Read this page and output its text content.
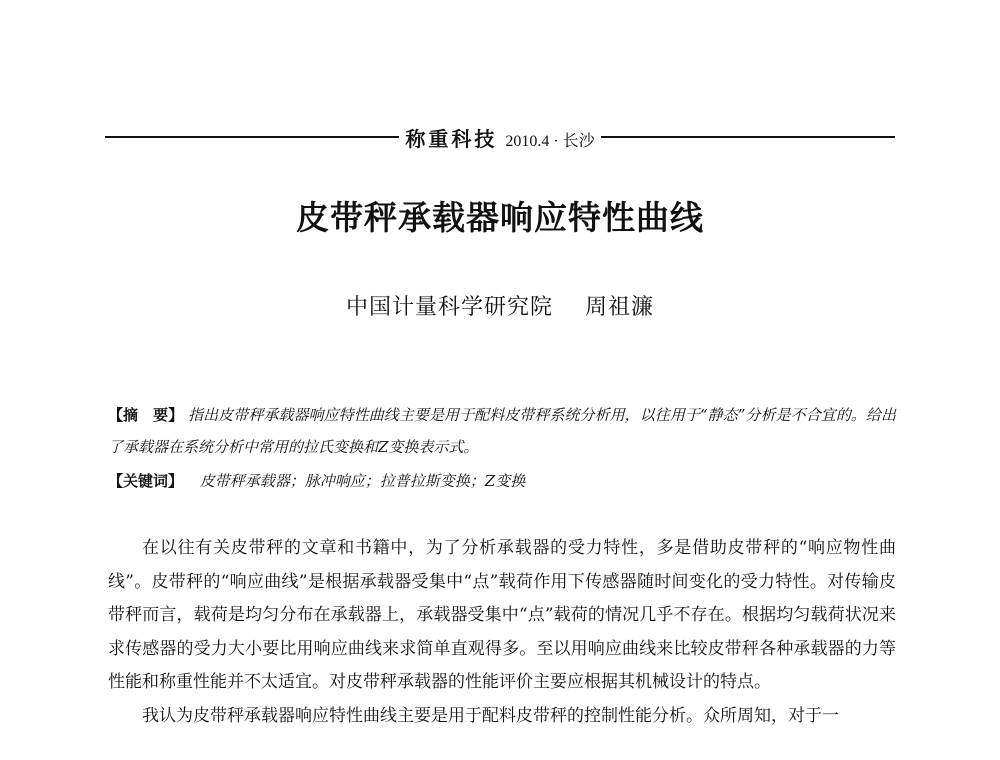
称重科技 2010.4 · 长沙
皮带秤承载器响应特性曲线
中国计量科学研究院 周祖濂
【摘　要】 指出皮带秤承载器响应特性曲线主要是用于配料皮带秤系统分析用，以往用于“静态”分析是不合宜的。给出了承载器在系统分析中常用的拉氏变换和Z变换表示式。
【关键词】 皮带秤承载器；脉冲响应；拉普拉斯变换；Z变换

在以往有关皮带秤的文章和书籍中，为了分析承载器的受力特性，多是借助皮带秤的“响应物性曲线”。皮带秤的“响应曲线”是根据承载器受集中“点”载荷作用下传感器随时间变化的受力特性。对传输皮带秤而言，载荷是均匀分布在承载器上，承载器受集中“点”载荷的情况几乎不存在。根据均匀载荷状况来求传感器的受力大小要比用响应曲线来求简单直观得多。至以用响应曲线来比较皮带秤各种承载器的力等性能和称重性能并不太适宜。对皮带秤承载器的性能评价主要应根据其机械设计的特点。

我认为皮带秤承载器响应特性曲线主要是用于配料皮带秤的控制性能分析。众所周知，对于一
